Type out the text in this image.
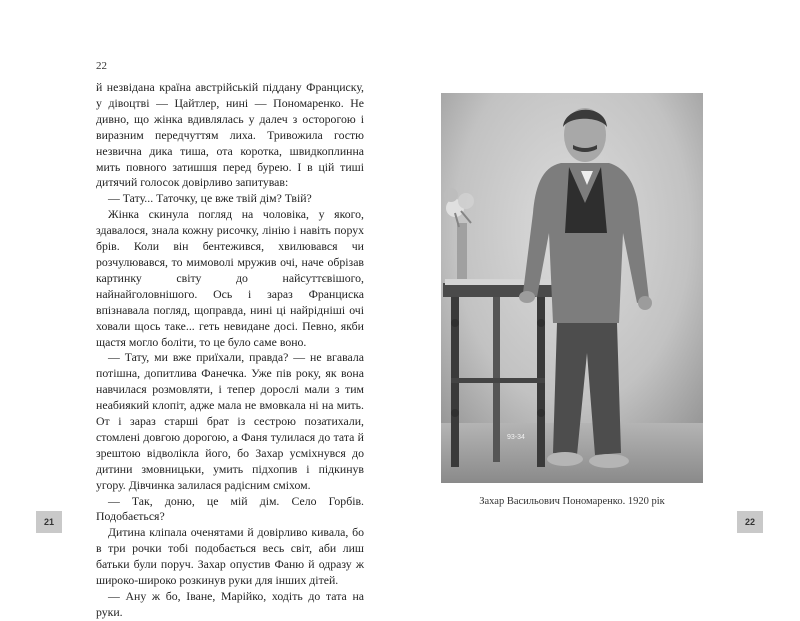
22

й незвідана країна австрійській піддану Франциску, у дівоцтві — Цайтлер, нині — Пономаренко. Не дивно, що жінка вдивлялась у далеч з осторогою і виразним передчуттям лиха. Тривожила гостю незвична дика тиша, ота коротка, швидкоплинна мить повного затишшя перед бурею. І в цій тиші дитячий голосок довірливо запитував:

— Тату... Таточку, це вже твій дім? Твій?

Жінка скинула погляд на чоловіка, у якого, здавалося, знала кожну рисочку, лінію і навіть порух брів. Коли він бентежився, хвилювався чи розчулювався, то мимоволі мружив очі, наче обрізав картинку світу до найсуттєвішого, найнайголовнішого. Ось і зараз Франциска впізнавала погляд, щоправда, нині ці найрідніші очі ховали щось таке... геть невидане досі. Певно, якби щастя могло боліти, то це було саме воно.

— Тату, ми вже приїхали, правда? — не вгавала потішна, допитлива Фанечка. Уже пів року, як вона навчилася розмовляти, і тепер дорослі мали з тим неабиякий клопіт, адже мала не вмовкала ні на мить. От і зараз старші брат із сестрою позатихали, стомлені довгою дорогою, а Фаня тулилася до тата й зрештою відволікла його, бо Захар усміхнувся до дитини змовницьки, умить підхопив і підкинув угору. Дівчинка залилася радісним сміхом.

— Так, доню, це мій дім. Село Горбів. Подобається?

Дитина кліпала оченятами й довірливо кивала, бо в три рочки тобі подобається весь світ, аби лиш батьки були поруч. Захар опустив Фаню й одразу ж широко-широко розкинув руки для інших дітей.

— Ану ж бо, Іване, Марійко, ходіть до тата на руки.

21
93-34
Захар Васильович Пономаренко. 1920 рік
22
